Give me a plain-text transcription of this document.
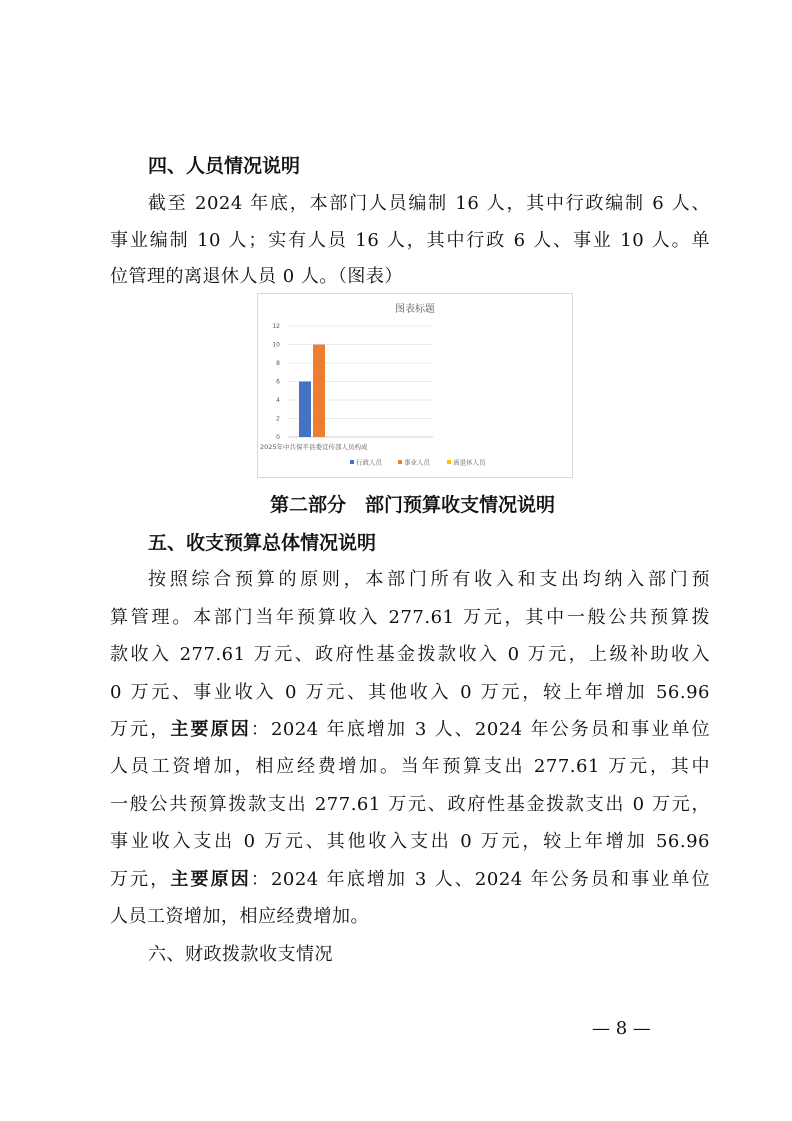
四、人员情况说明
截至 2024 年底，本部门人员编制 16 人，其中行政编制 6 人、
事业编制 10 人；实有人员 16 人，其中行政 6 人、事业 10 人。单
位管理的离退休人员 0 人。（图表）
图表标题
0
2
4
6
8
10
12
2025年中共保平县委宣传部人员构成
行政人员	事业人员	离退休人员
第二部分　部门预算收支情况说明
五、收支预算总体情况说明
按照综合预算的原则，本部门所有收入和支出均纳入部门预
算管理。本部门当年预算收入 277.61 万元，其中一般公共预算拨
款收入 277.61 万元、政府性基金拨款收入 0 万元，上级补助收入
0 万元、事业收入 0 万元、其他收入 0 万元，较上年增加 56.96
万元，主要原因：2024 年底增加 3 人、2024 年公务员和事业单位
人员工资增加，相应经费增加。当年预算支出 277.61 万元，其中
一般公共预算拨款支出 277.61 万元、政府性基金拨款支出 0 万元，
事业收入支出 0 万元、其他收入支出 0 万元，较上年增加 56.96
万元，主要原因：2024 年底增加 3 人、2024 年公务员和事业单位
人员工资增加，相应经费增加。
六、财政拨款收支情况
— 8 —
